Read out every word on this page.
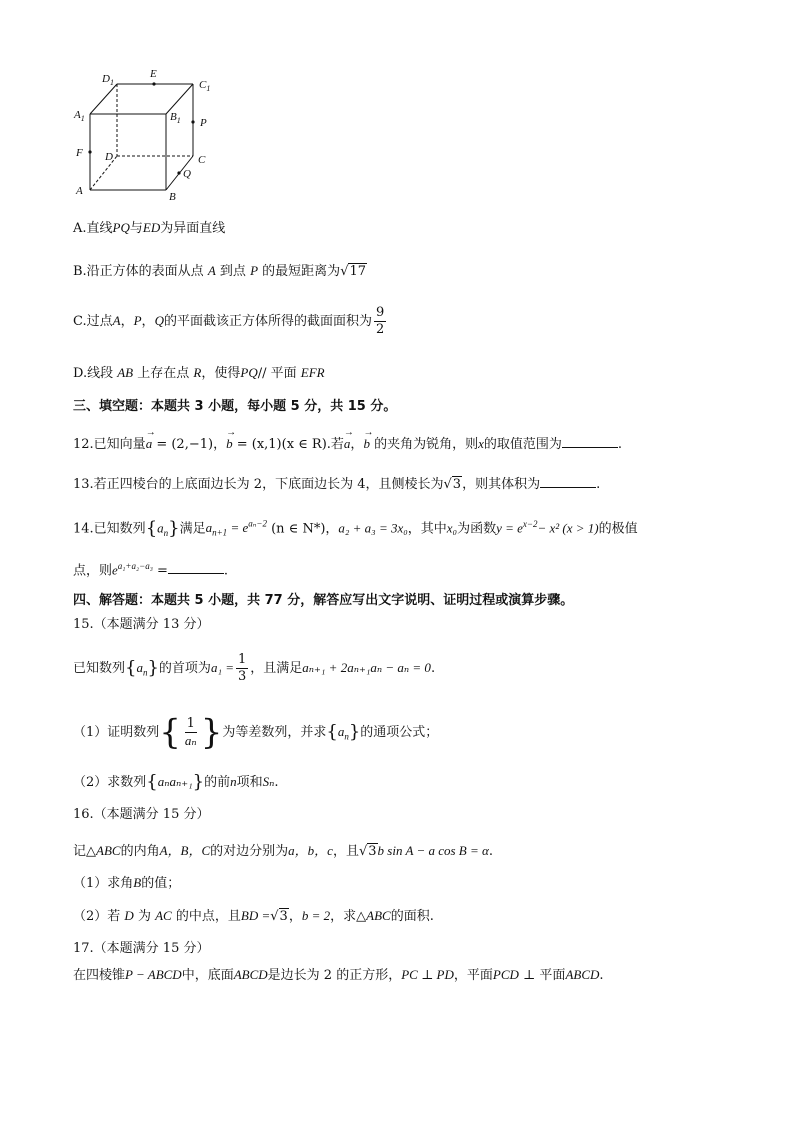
$D_1$
E
$C_1$
$A_1$	$B_1$ P
F D	C
Q
A	B
A.直线PQ与ED为异面直线
B.沿正方体的表面从点 A 到点 P 的最短距离为√17
C.过点A，P，Q的平面截该正方体所得的截面面积为 $\frac{9}{2}$
D.线段 AB 上存在点 R，使得PQ// 平面 EFR
三、填空题：本题共 3 小题，每小题 5 分，共 15 分。
12.已知向量→ a = (2,−1)，→ b = (x,1)(x ∈ R).若→ a，→ b 的夹角为锐角，则x的取值范围为	.
13.若正四棱台的上底面边长为 2，下底面边长为 4，且侧棱长为√3，则其体积为	.
14.已知数列$\{a_n\}$满足$a_{n+1} = e^{a_n-2}$ (n ∈ N*)，a₂ + a₃ = 3x₀，其中x₀为函数$y = e^{x-2}- x^2$ (x > 1)的极值
点，则$e^{a_1+a_2-a_3}$ =	.
四、解答题：本题共 5 小题，共 77 分，解答应写出文字说明、证明过程或演算步骤。
15.（本题满分 13 分）
已知数列$\{a_n\}$的首项为$a_1 = \frac{1}{3}$ ，且满足aₙ₊₁ + 2aₙ₊₁aₙ − aₙ = 0.
（1）证明数列{ $\frac{1}{\text{aₙ}}$ }为等差数列，并求$\{a_n\}$的通项公式；
（2）求数列{aₙaₙ₊₁}的前n项和Sₙ.
16.（本题满分 15 分）
记△ABC的内角A，B，C的对边分别为a，b，c，且√3b sin A − a cos B = α.
（1）求角B的值；
（2）若 D 为 AC 的中点，且BD =√3，b = 2，求△ABC的面积.
17.（本题满分 15 分）
在四棱锥P − ABCD中，底面ABCD是边长为 2 的正方形，PC ⊥ PD，平面PCD ⊥ 平面ABCD.
